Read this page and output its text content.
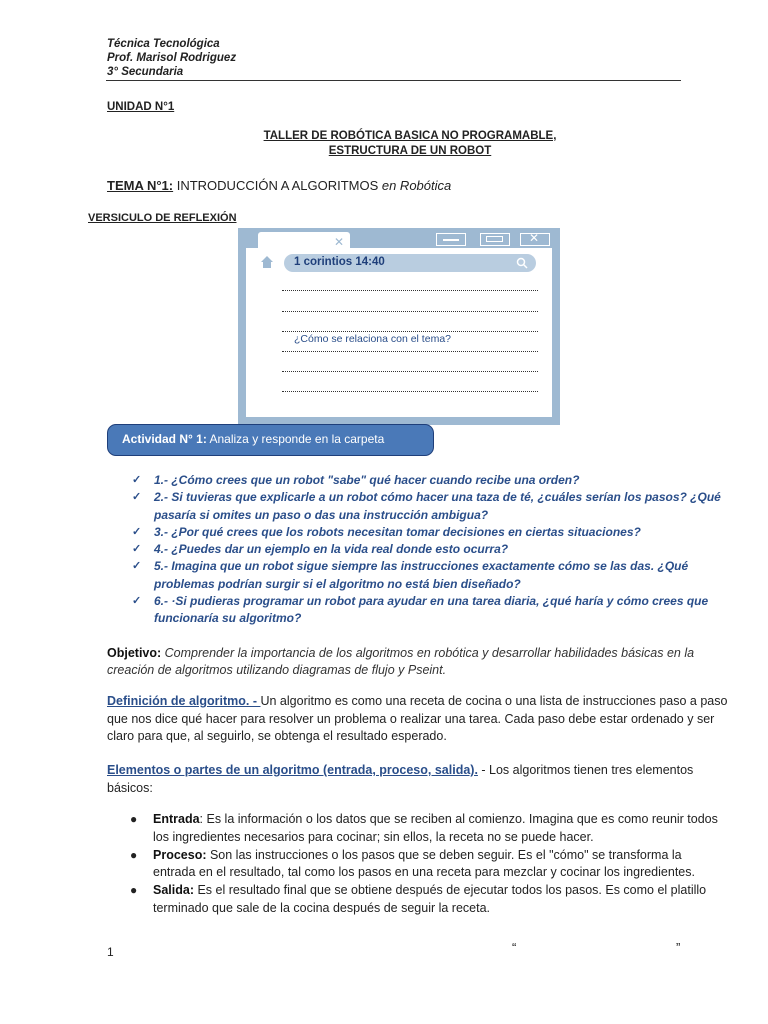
Técnica Tecnológica
Prof. Marisol Rodriguez
3° Secundaria
UNIDAD N°1
TALLER DE ROBÓTICA BASICA NO PROGRAMABLE,
ESTRUCTURA DE UN ROBOT
TEMA N°1: INTRODUCCIÓN A ALGORITMOS en Robótica
VERSICULO DE REFLEXIÓN
✕	✕
1 corintios 14:40
¿Cómo se relaciona con el tema?
Actividad N° 1: Analiza y responde en la carpeta
✓ 1.- ¿Cómo crees que un robot "sabe" qué hacer cuando recibe una orden?
✓ 2.- Si tuvieras que explicarle a un robot cómo hacer una taza de té, ¿cuáles serían los pasos? ¿Qué pasaría si omites un paso o das una instrucción ambigua?
✓ 3.- ¿Por qué crees que los robots necesitan tomar decisiones en ciertas situaciones?
✓ 4.- ¿Puedes dar un ejemplo en la vida real donde esto ocurra?
✓ 5.- Imagina que un robot sigue siempre las instrucciones exactamente cómo se las das. ¿Qué problemas podrían surgir si el algoritmo no está bien diseñado?
✓ 6.- ·Si pudieras programar un robot para ayudar en una tarea diaria, ¿qué haría y cómo crees que funcionaría su algoritmo?
Objetivo: Comprender la importancia de los algoritmos en robótica y desarrollar habilidades básicas en la creación de algoritmos utilizando diagramas de flujo y Pseint.
Definición de algoritmo. - Un algoritmo es como una receta de cocina o una lista de instrucciones paso a paso que nos dice qué hacer para resolver un problema o realizar una tarea. Cada paso debe estar ordenado y ser claro para que, al seguirlo, se obtenga el resultado esperado.
Elementos o partes de un algoritmo (entrada, proceso, salida). - Los algoritmos tienen tres elementos básicos:
● Entrada: Es la información o los datos que se reciben al comienzo. Imagina que es como reunir todos los ingredientes necesarios para cocinar; sin ellos, la receta no se puede hacer.
● Proceso: Son las instrucciones o los pasos que se deben seguir. Es el "cómo" se transforma la entrada en el resultado, tal como los pasos en una receta para mezclar y cocinar los ingredientes.
● Salida: Es el resultado final que se obtiene después de ejecutar todos los pasos. Es como el platillo terminado que sale de la cocina después de seguir la receta.
1	“	”
